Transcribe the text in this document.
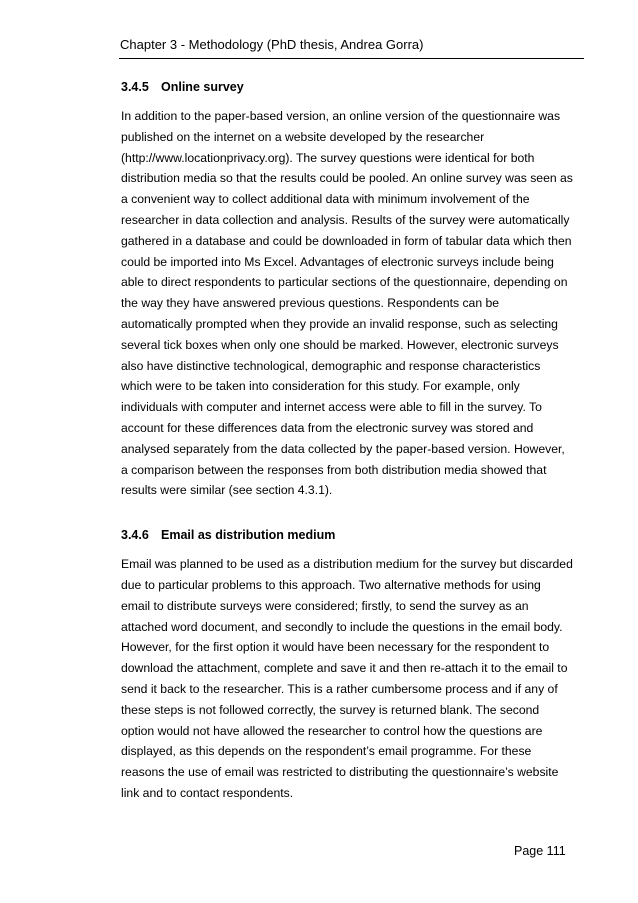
Chapter 3 - Methodology (PhD thesis, Andrea Gorra)
3.4.5 Online survey

In addition to the paper-based version, an online version of the questionnaire was published on the internet on a website developed by the researcher (http://www.locationprivacy.org). The survey questions were identical for both distribution media so that the results could be pooled. An online survey was seen as a convenient way to collect additional data with minimum involvement of the researcher in data collection and analysis. Results of the survey were automatically gathered in a database and could be downloaded in form of tabular data which then could be imported into Ms Excel. Advantages of electronic surveys include being able to direct respondents to particular sections of the questionnaire, depending on the way they have answered previous questions. Respondents can be automatically prompted when they provide an invalid response, such as selecting several tick boxes when only one should be marked. However, electronic surveys also have distinctive technological, demographic and response characteristics which were to be taken into consideration for this study. For example, only individuals with computer and internet access were able to fill in the survey. To account for these differences data from the electronic survey was stored and analysed separately from the data collected by the paper-based version. However, a comparison between the responses from both distribution media showed that results were similar (see section 4.3.1).

3.4.6 Email as distribution medium

Email was planned to be used as a distribution medium for the survey but discarded due to particular problems to this approach. Two alternative methods for using email to distribute surveys were considered; firstly, to send the survey as an attached word document, and secondly to include the questions in the email body. However, for the first option it would have been necessary for the respondent to download the attachment, complete and save it and then re-attach it to the email to send it back to the researcher. This is a rather cumbersome process and if any of these steps is not followed correctly, the survey is returned blank. The second option would not have allowed the researcher to control how the questions are displayed, as this depends on the respondent’s email programme. For these reasons the use of email was restricted to distributing the questionnaire’s website link and to contact respondents.

Page 111
